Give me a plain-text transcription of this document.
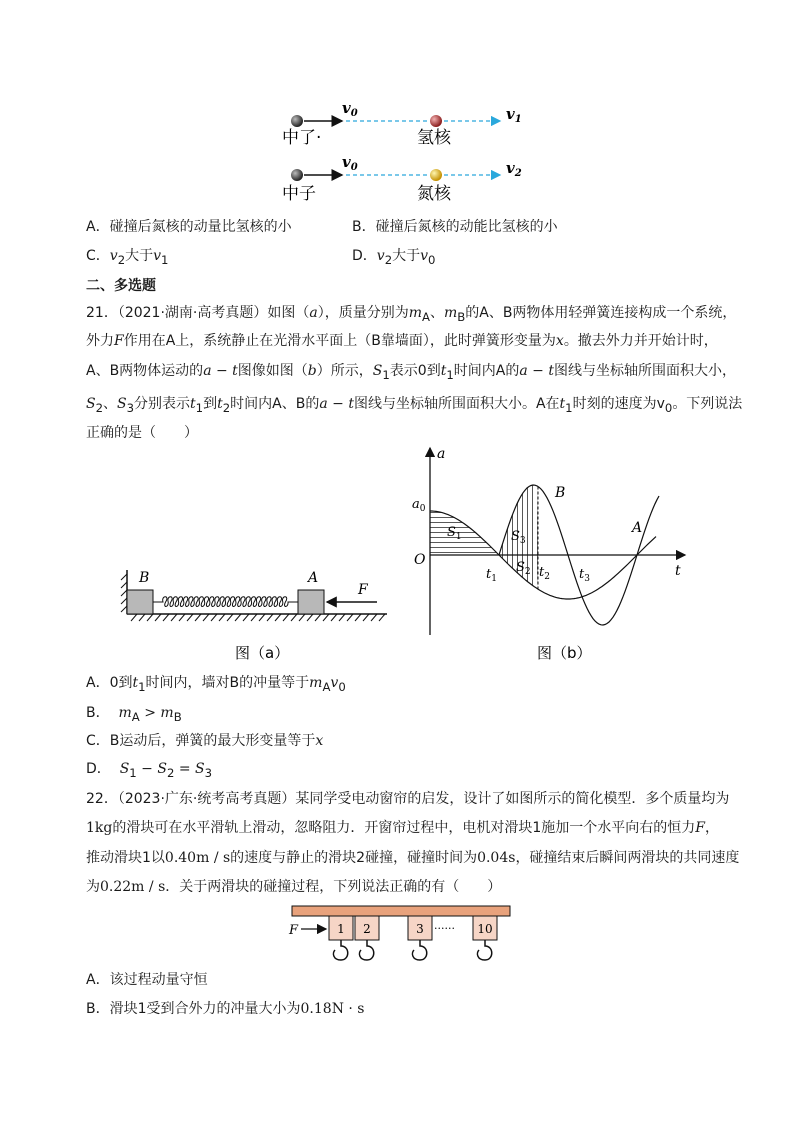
$v_0$	$v_1$
中了·	氢核
$v_0$	$v_2$
中子	氮核
A．碰撞后氮核的动量比氢核的小	B．碰撞后氮核的动能比氢核的小
C．$v_2$大于$v_1$	D．$v_2$大于$v_0$
二、多选题
21．（2021·湖南·高考真题）如图（a），质量分别为$m_A$、$m_B$的A、B两物体用轻弹簧连接构成一个系统，
外力F作用在A上，系统静止在光滑水平面上（B靠墙面），此时弹簧形变量为x。撤去外力并开始计时，
A、B两物体运动的a − t图像如图（b）所示，$S_1$表示0到$t_1$时间内A的a − t图线与坐标轴所围面积大小，
$S_2$、$S_3$分别表示$t_1$到$t_2$时间内A、B的a − t图线与坐标轴所围面积大小。A在$t_1$时刻的速度为$v_0$。下列说法
正确的是（　　）
B	A
F
图（a）
a
$a_0$
O
t
$S_1$	$S_3$
$S_2$
$t_1$	$t_2$ $t_3$
B
A
图（b）
A．0到$t_1$时间内，墙对B的冲量等于$m_Av_0$
B． $m_A > m_B$
C．B运动后，弹簧的最大形变量等于x
D． $S_1 - S_2 = S_3$
22．（2023·广东·统考高考真题）某同学受电动窗帘的启发，设计了如图所示的简化模型．多个质量均为
1kg的滑块可在水平滑轨上滑动，忽略阻力．开窗帘过程中，电机对滑块1施加一个水平向右的恒力F，
推动滑块1以0.40m / s的速度与静止的滑块2碰撞，碰撞时间为0.04s，碰撞结束后瞬间两滑块的共同速度
为0.22m / s．关于两滑块的碰撞过程，下列说法正确的有（　　）
1 2	3	10
F	······
A．该过程动量守恒
B．滑块1受到合外力的冲量大小为0.18N · s
